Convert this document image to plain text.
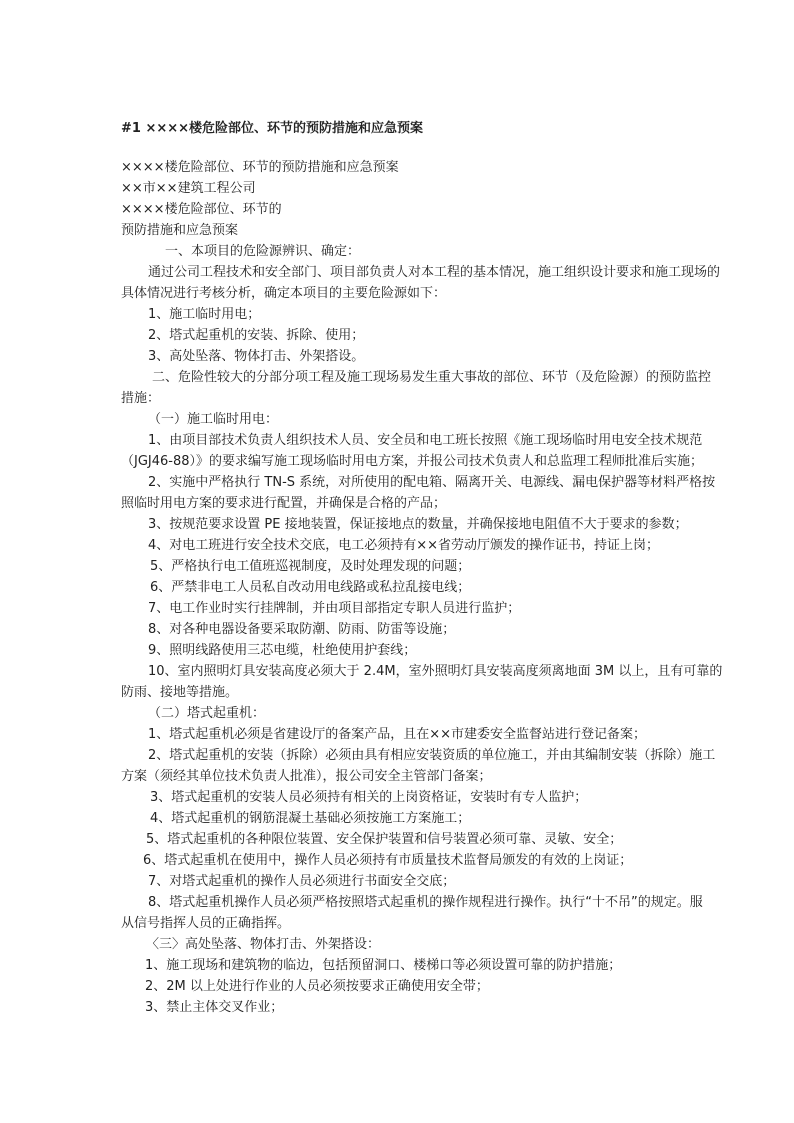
#1 ××××楼危险部位、环节的预防措施和应急预案
××××楼危险部位、环节的预防措施和应急预案
××市××建筑工程公司
××××楼危险部位、环节的
预防措施和应急预案
一、本项目的危险源辨识、确定：
通过公司工程技术和安全部门、项目部负责人对本工程的基本情况，施工组织设计要求和施工现场的
具体情况进行考核分析，确定本项目的主要危险源如下：
1、施工临时用电；
2、塔式起重机的安装、拆除、使用；
3、高处坠落、物体打击、外架搭设。
二、危险性较大的分部分项工程及施工现场易发生重大事故的部位、环节（及危险源）的预防监控
措施：
（一）施工临时用电：
1、由项目部技术负责人组织技术人员、安全员和电工班长按照《施工现场临时用电安全技术规范
（JGJ46-88）》的要求编写施工现场临时用电方案，并报公司技术负责人和总监理工程师批准后实施；
2、实施中严格执行 TN-S 系统，对所使用的配电箱、隔离开关、电源线、漏电保护器等材料严格按
照临时用电方案的要求进行配置，并确保是合格的产品；
3、按规范要求设置 PE 接地装置，保证接地点的数量，并确保接地电阻值不大于要求的参数；
4、对电工班进行安全技术交底，电工必须持有××省劳动厅颁发的操作证书，持证上岗；
5、严格执行电工值班巡视制度，及时处理发现的问题；
6、严禁非电工人员私自改动用电线路或私拉乱接电线；
7、电工作业时实行挂牌制，并由项目部指定专职人员进行监护；
8、对各种电器设备要采取防潮、防雨、防雷等设施；
9、照明线路使用三芯电缆，杜绝使用护套线；
10、室内照明灯具安装高度必须大于 2.4M，室外照明灯具安装高度须离地面 3M 以上，且有可靠的
防雨、接地等措施。
（二）塔式起重机：
1、塔式起重机必须是省建设厅的备案产品，且在××市建委安全监督站进行登记备案；
2、塔式起重机的安装（拆除）必须由具有相应安装资质的单位施工，并由其编制安装（拆除）施工
方案（须经其单位技术负责人批准），报公司安全主管部门备案；
3、塔式起重机的安装人员必须持有相关的上岗资格证，安装时有专人监护；
4、塔式起重机的钢筋混凝土基础必须按施工方案施工；
5、塔式起重机的各种限位装置、安全保护装置和信号装置必须可靠、灵敏、安全；
6、塔式起重机在使用中，操作人员必须持有市质量技术监督局颁发的有效的上岗证；
7、对塔式起重机的操作人员必须进行书面安全交底；
8、塔式起重机操作人员必须严格按照塔式起重机的操作规程进行操作。执行“十不吊”的规定。服
从信号指挥人员的正确指挥。
〈三〉高处坠落、物体打击、外架搭设：
1、施工现场和建筑物的临边，包括预留洞口、楼梯口等必须设置可靠的防护措施；
2、2M 以上处进行作业的人员必须按要求正确使用安全带；
3、禁止主体交叉作业；
